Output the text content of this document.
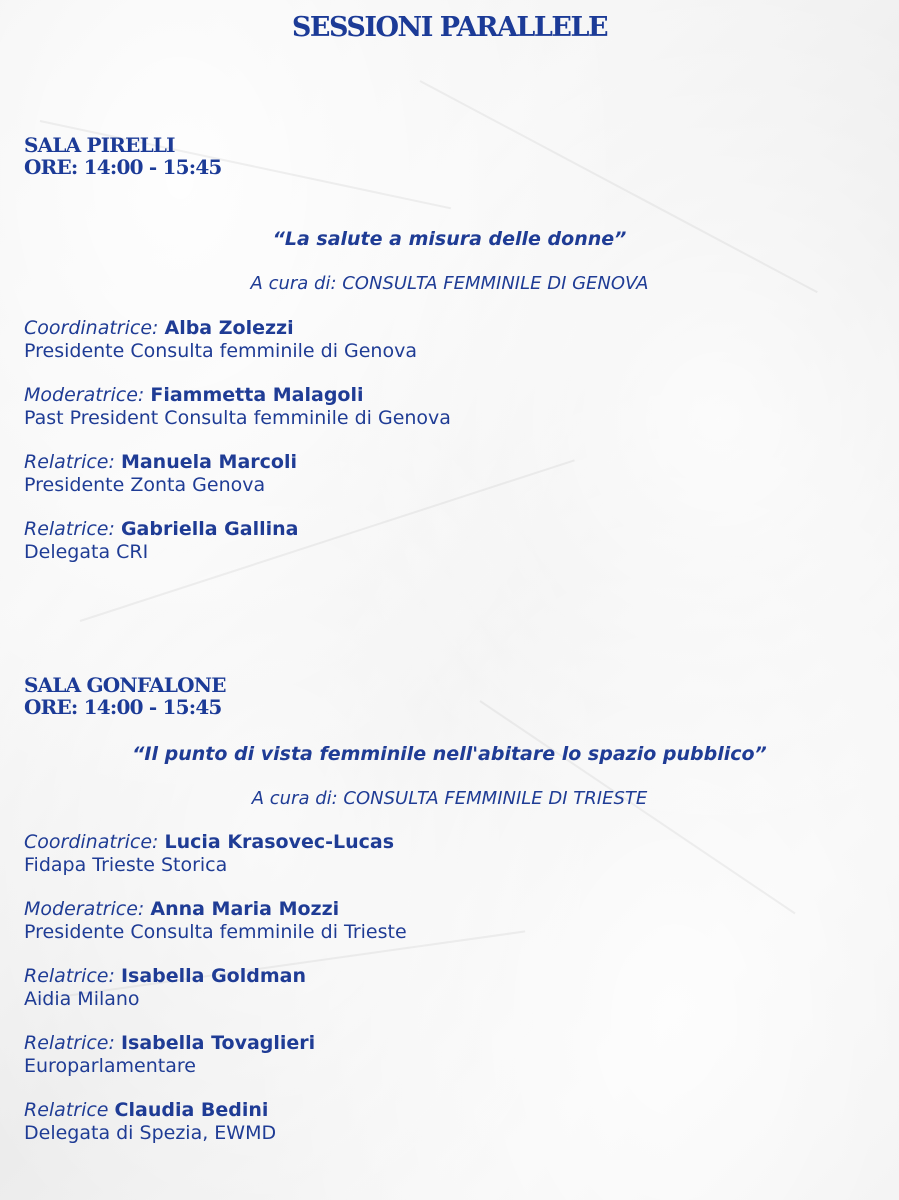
SESSIONI PARALLELE
SALA PIRELLI
ORE: 14:00 - 15:45
“La salute a misura delle donne”
A cura di: CONSULTA FEMMINILE DI GENOVA
Coordinatrice: Alba Zolezzi
Presidente Consulta femminile di Genova
Moderatrice: Fiammetta Malagoli
Past President Consulta femminile di Genova
Relatrice: Manuela Marcoli
Presidente Zonta Genova
Relatrice: Gabriella Gallina
Delegata CRI
SALA GONFALONE
ORE: 14:00 - 15:45
“Il punto di vista femminile nell'abitare lo spazio pubblico”
A cura di: CONSULTA FEMMINILE DI TRIESTE
Coordinatrice: Lucia Krasovec-Lucas
Fidapa Trieste Storica
Moderatrice: Anna Maria Mozzi
Presidente Consulta femminile di Trieste
Relatrice: Isabella Goldman
Aidia Milano
Relatrice: Isabella Tovaglieri
Europarlamentare
Relatrice Claudia Bedini
Delegata di Spezia, EWMD
